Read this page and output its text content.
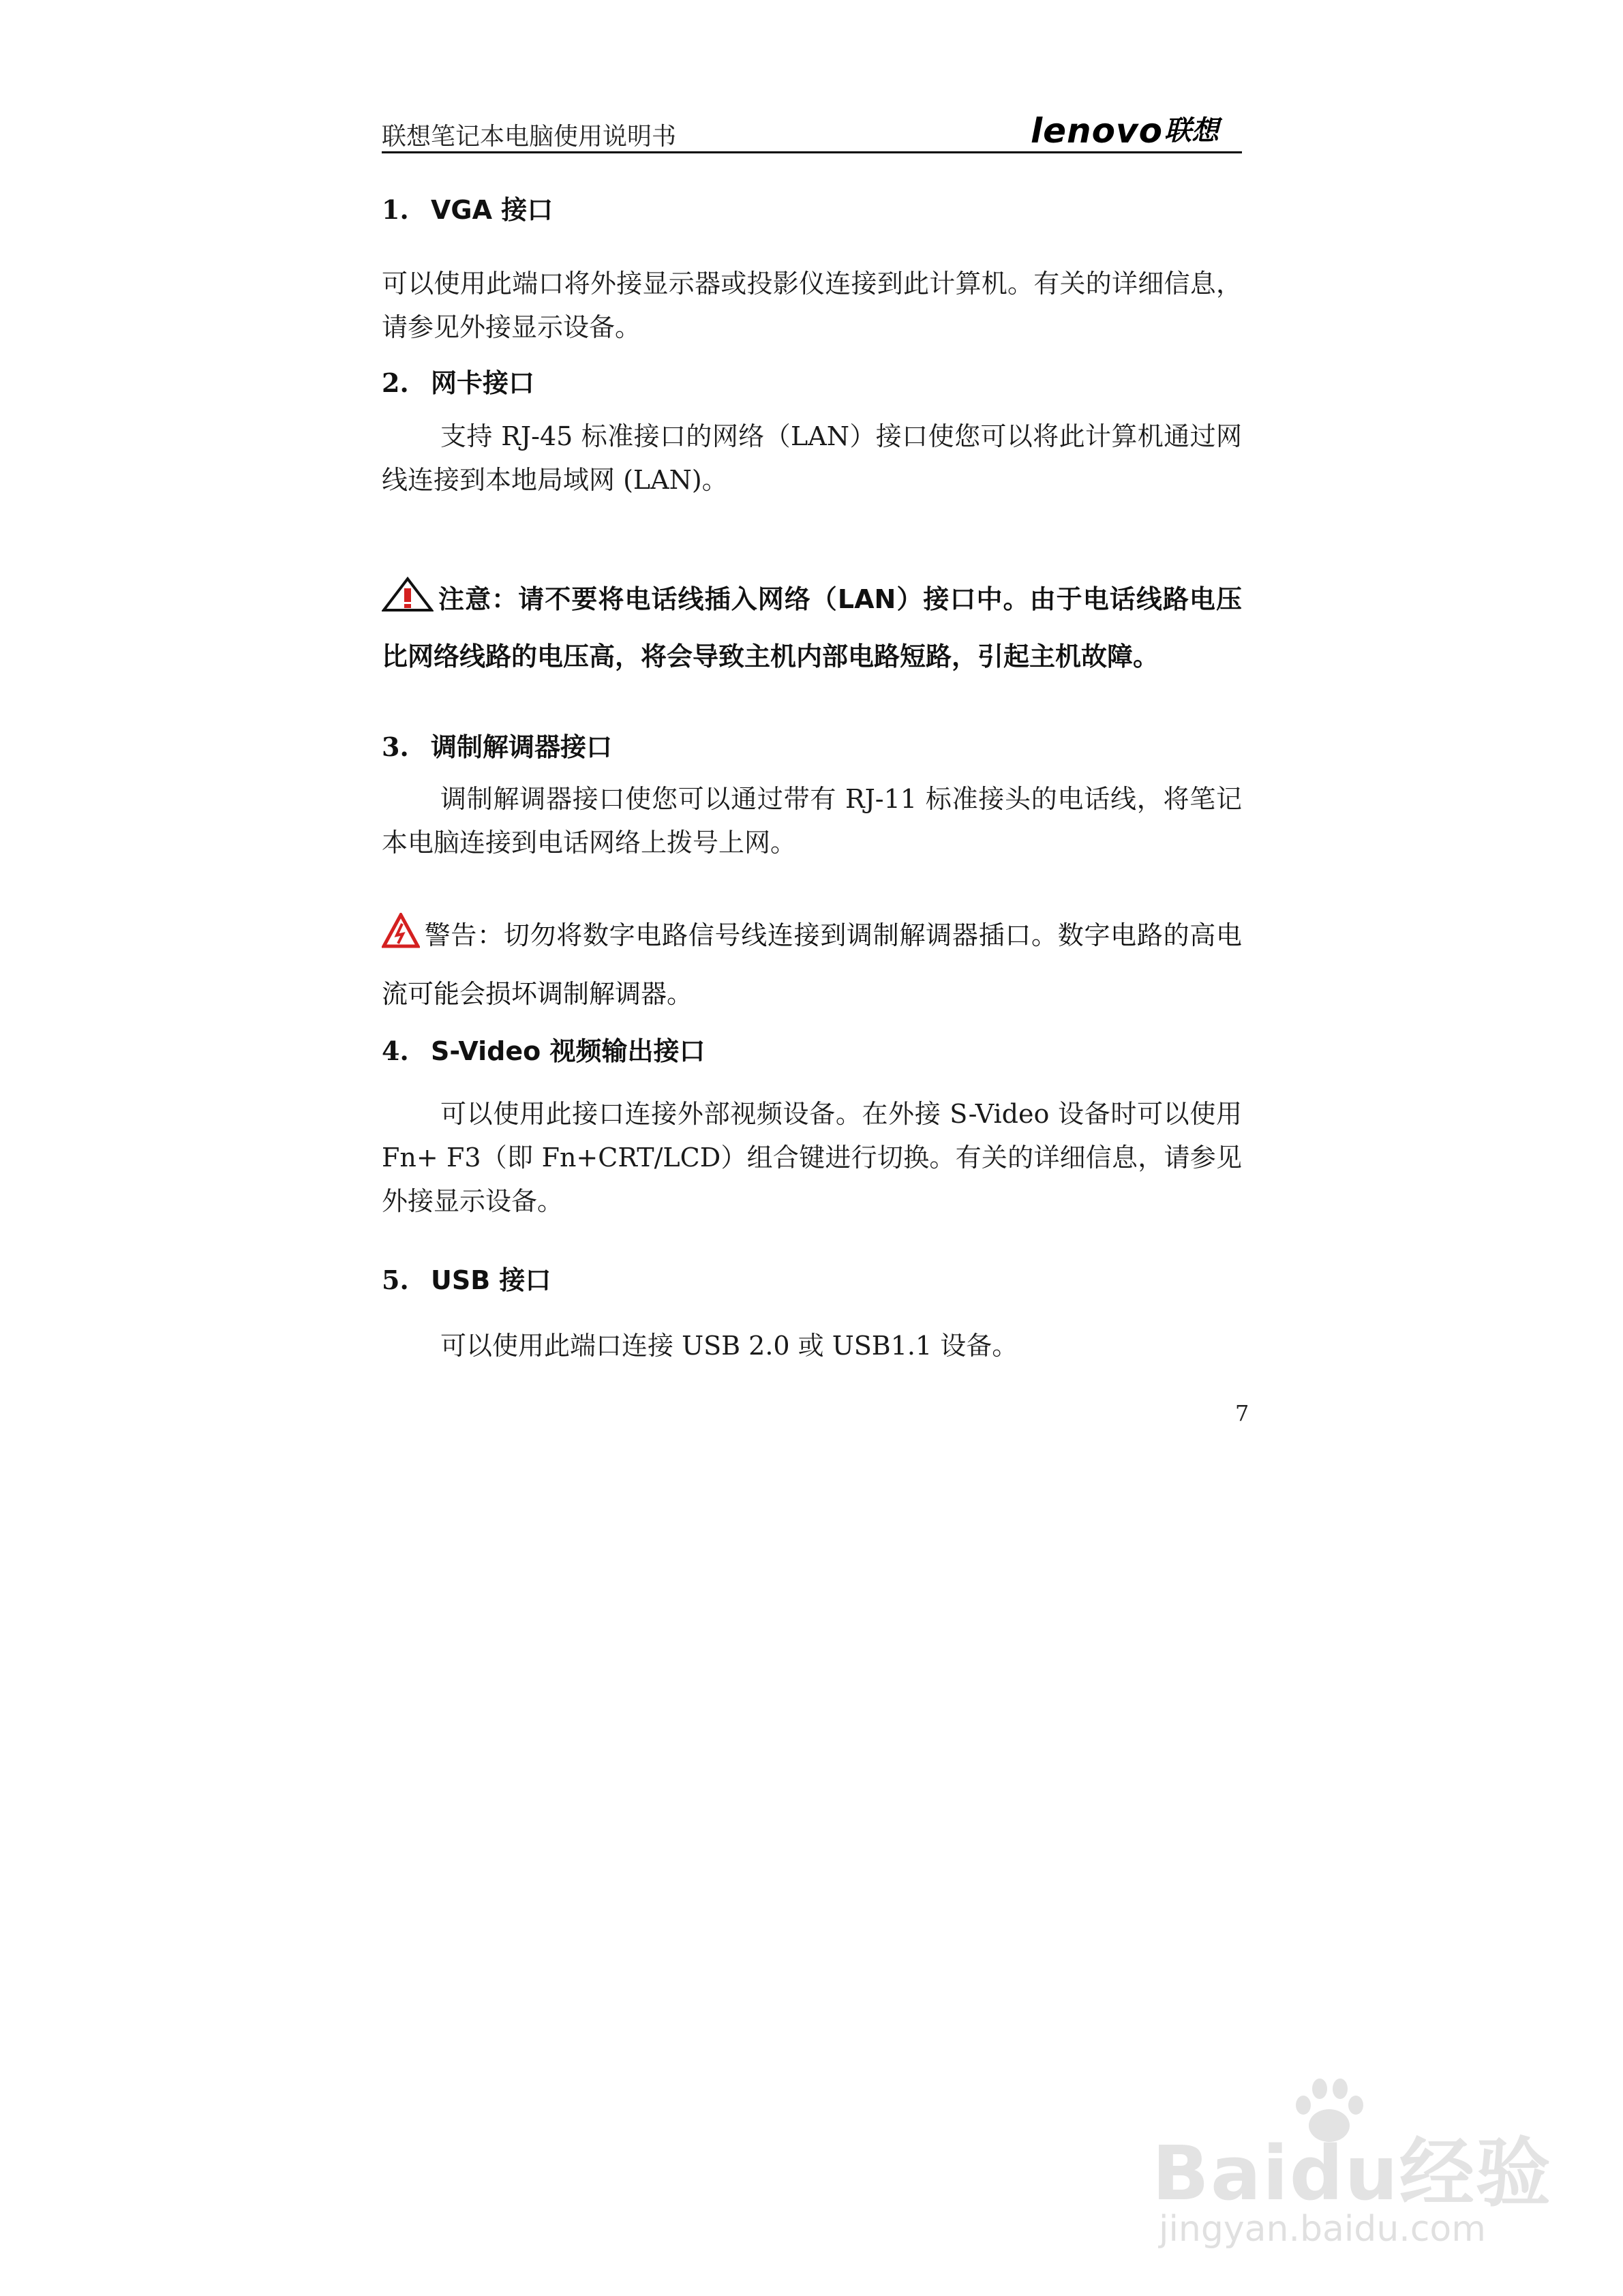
联想笔记本电脑使用说明书	lenovo 联想
1. VGA 接口
可以使用此端口将外接显示器或投影仪连接到此计算机。有关的详细信息，请参见外接显示设备。
2. 网卡接口
支持 RJ-45 标准接口的网络（LAN）接口使您可以将此计算机通过网线连接到本地局域网 (LAN)。
注意：请不要将电话线插入网络（LAN）接口中。由于电话线路电压比网络线路的电压高，将会导致主机内部电路短路，引起主机故障。
3. 调制解调器接口
调制解调器接口使您可以通过带有 RJ-11 标准接头的电话线，将笔记本电脑连接到电话网络上拨号上网。
警告：切勿将数字电路信号线连接到调制解调器插口。数字电路的高电流可能会损坏调制解调器。
4. S-Video 视频输出接口
可以使用此接口连接外部视频设备。在外接 S-Video 设备时可以使用 Fn+ F3（即 Fn+CRT/LCD）组合键进行切换。有关的详细信息，请参见外接显示设备。
5. USB 接口
可以使用此端口连接 USB 2.0 或 USB1.1 设备。
7
Baidu经验
jingyan.baidu.com
